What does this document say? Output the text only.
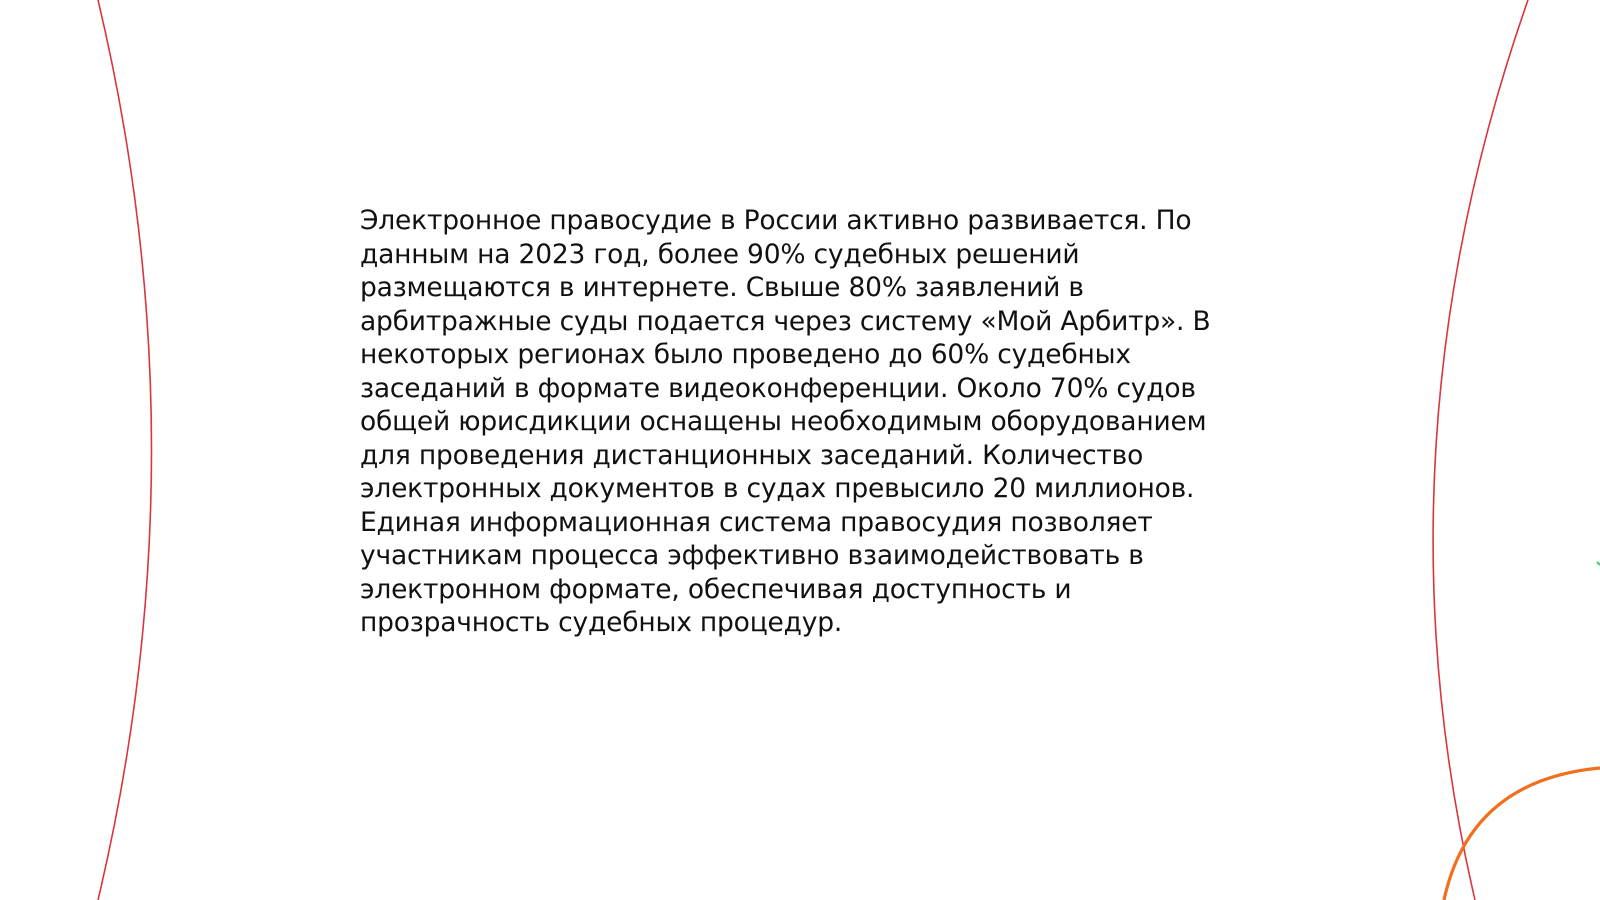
Электронное правосудие в России активно развивается. По
данным на 2023 год, более 90% судебных решений
размещаются в интернете. Свыше 80% заявлений в
арбитражные суды подается через систему «Мой Арбитр». В
некоторых регионах было проведено до 60% судебных
заседаний в формате видеоконференции. Около 70% судов
общей юрисдикции оснащены необходимым оборудованием
для проведения дистанционных заседаний. Количество
электронных документов в судах превысило 20 миллионов.
Единая информационная система правосудия позволяет
участникам процесса эффективно взаимодействовать в
электронном формате, обеспечивая доступность и
прозрачность судебных процедур.
